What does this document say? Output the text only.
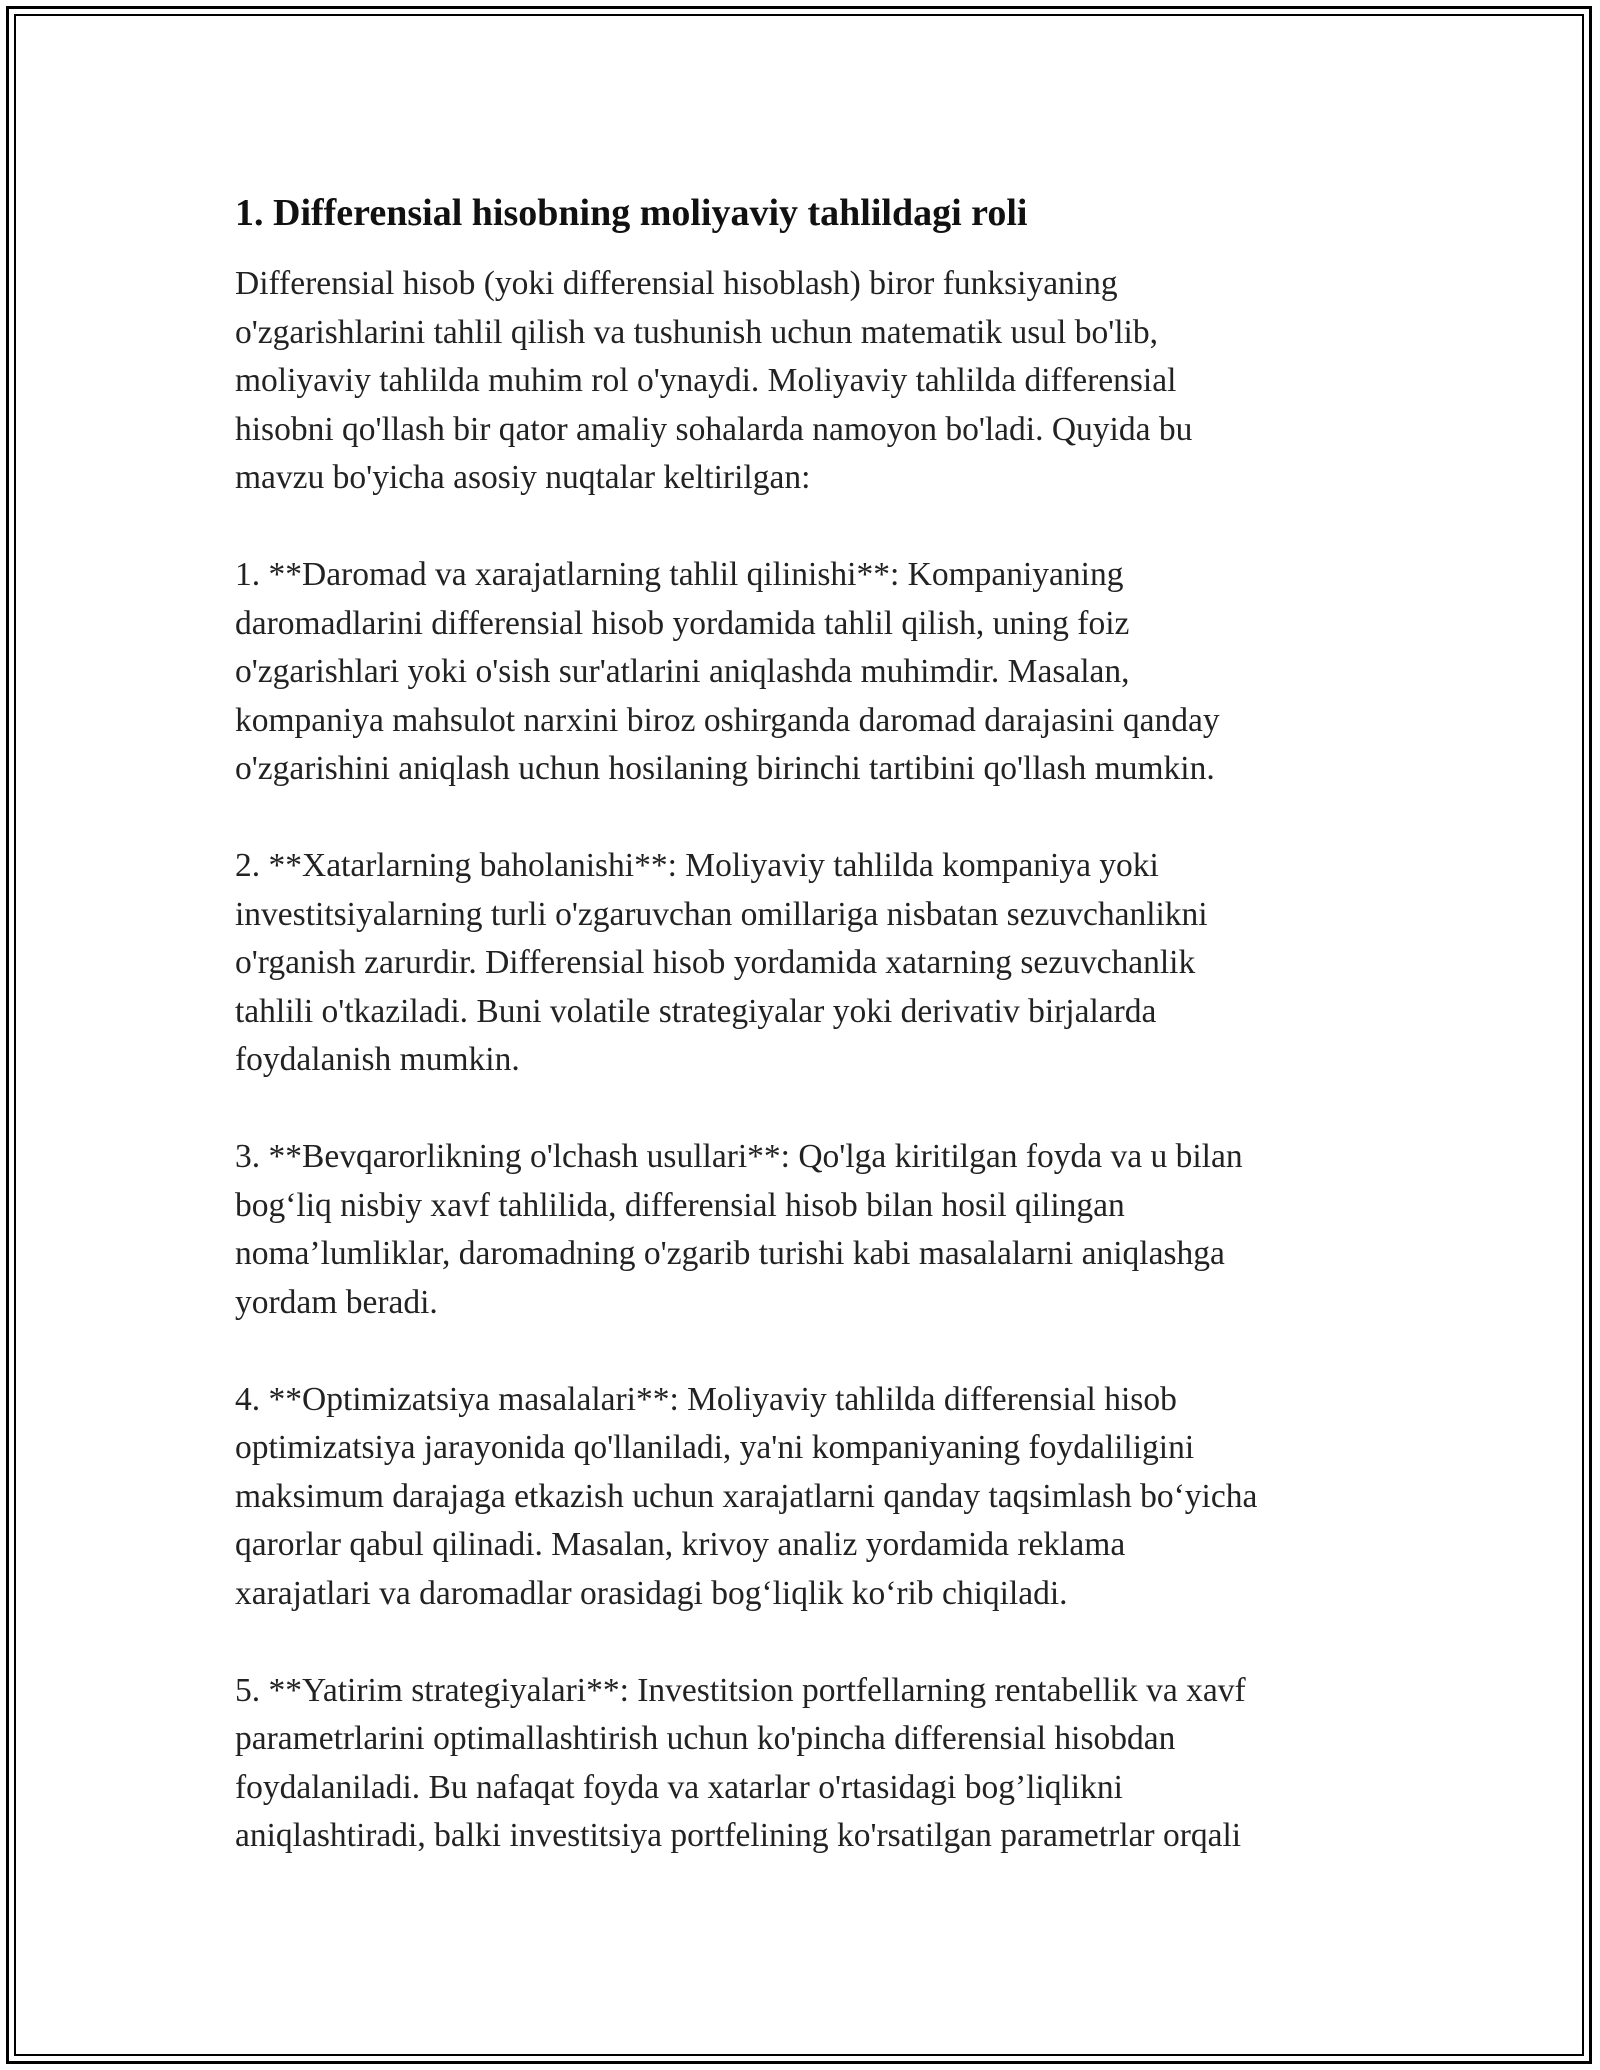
1. Differensial hisobning moliyaviy tahlildagi roli

Differensial hisob (yoki differensial hisoblash) biror funksiyaning
o'zgarishlarini tahlil qilish va tushunish uchun matematik usul bo'lib,
moliyaviy tahlilda muhim rol o'ynaydi. Moliyaviy tahlilda differensial
hisobni qo'llash bir qator amaliy sohalarda namoyon bo'ladi. Quyida bu
mavzu bo'yicha asosiy nuqtalar keltirilgan:

1. **Daromad va xarajatlarning tahlil qilinishi**: Kompaniyaning
daromadlarini differensial hisob yordamida tahlil qilish, uning foiz
o'zgarishlari yoki o'sish sur'atlarini aniqlashda muhimdir. Masalan,
kompaniya mahsulot narxini biroz oshirganda daromad darajasini qanday
o'zgarishini aniqlash uchun hosilaning birinchi tartibini qo'llash mumkin.

2. **Xatarlarning baholanishi**: Moliyaviy tahlilda kompaniya yoki
investitsiyalarning turli o'zgaruvchan omillariga nisbatan sezuvchanlikni
o'rganish zarurdir. Differensial hisob yordamida xatarning sezuvchanlik
tahlili o'tkaziladi. Buni volatile strategiyalar yoki derivativ birjalarda
foydalanish mumkin.

3. **Bevqarorlikning o'lchash usullari**: Qo'lga kiritilgan foyda va u bilan
bog‘liq nisbiy xavf tahlilida, differensial hisob bilan hosil qilingan
noma’lumliklar, daromadning o'zgarib turishi kabi masalalarni aniqlashga
yordam beradi.

4. **Optimizatsiya masalalari**: Moliyaviy tahlilda differensial hisob
optimizatsiya jarayonida qo'llaniladi, ya'ni kompaniyaning foydaliligini
maksimum darajaga etkazish uchun xarajatlarni qanday taqsimlash bo‘yicha
qarorlar qabul qilinadi. Masalan, krivoy analiz yordamida reklama
xarajatlari va daromadlar orasidagi bog‘liqlik ko‘rib chiqiladi.

5. **Yatirim strategiyalari**: Investitsion portfellarning rentabellik va xavf
parametrlarini optimallashtirish uchun ko'pincha differensial hisobdan
foydalaniladi. Bu nafaqat foyda va xatarlar o'rtasidagi bog’liqlikni
aniqlashtiradi, balki investitsiya portfelining ko'rsatilgan parametrlar orqali
